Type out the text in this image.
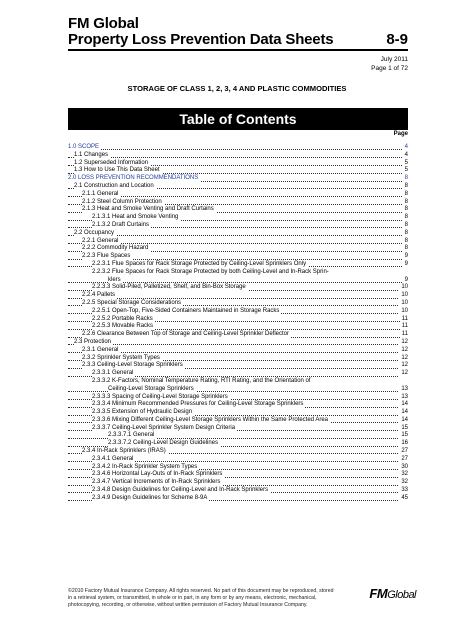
FM Global
Property Loss Prevention Data Sheets	8-9
July 2011
Page 1 of 72
STORAGE OF CLASS 1, 2, 3, 4 AND PLASTIC COMMODITIES
Table of Contents
Page
1.0 SCOPE	4
1.1 Changes	4
1.2 Superseded Information	5
1.3 How to Use This Data Sheet	5
2.0 LOSS PREVENTION RECOMMENDATIONS	8
2.1 Construction and Location	8
2.1.1 General	8
2.1.2 Steel Column Protection	8
2.1.3 Heat and Smoke Venting and Draft Curtains	8
2.1.3.1 Heat and Smoke Venting	8
2.1.3.2 Draft Curtains	8
2.2 Occupancy	8
2.2.1 General	8
2.2.2 Commodity Hazard	8
2.2.3 Flue Spaces	9
2.2.3.1 Flue Spaces for Rack Storage Protected by Ceiling-Level Sprinklers Only	9
2.2.3.2 Flue Spaces for Rack Storage Protected by both Ceiling-Level and In-Rack Sprin-
klers	9
2.2.3.3 Solid-Piled, Palletized, Shelf, and Bin-Box Storage	10
2.2.4 Pallets	10
2.2.5 Special Storage Considerations	10
2.2.5.1 Open-Top, Five-Sided Containers Maintained in Storage Racks	10
2.2.5.2 Portable Racks	11
2.2.5.3 Movable Racks	11
2.2.6 Clearance Between Top of Storage and Ceiling-Level Sprinkler Deflector	11
2.3 Protection	12
2.3.1 General	12
2.3.2 Sprinkler System Types	12
2.3.3 Ceiling-Level Storage Sprinklers	12
2.3.3.1 General	12
2.3.3.2 K-Factors, Nominal Temperature Rating, RTI Rating, and the Orientation of
Ceiling-Level Storage Sprinklers	13
2.3.3.3 Spacing of Ceiling-Level Storage Sprinklers	13
2.3.3.4 Minimum Recommended Pressures for Ceiling-Level Storage Sprinklers	14
2.3.3.5 Extension of Hydraulic Design	14
2.3.3.6 Mixing Different Ceiling-Level Storage Sprinklers Within the Same Protected Area	14
2.3.3.7 Ceiling-Level Sprinkler System Design Criteria	15
2.3.3.7.1 General	15
2.3.3.7.2 Ceiling-Level Design Guidelines	16
2.3.4 In-Rack Sprinklers (IRAS)	27
2.3.4.1 General	27
2.3.4.2 In-Rack Sprinkler System Types	30
2.3.4.6 Horizontal Lay-Outs of In-Rack Sprinklers	32
2.3.4.7 Vertical Increments of In-Rack Sprinklers	32
2.3.4.8 Design Guidelines for Ceiling-Level and In-Rack Sprinklers	33
2.3.4.9 Design Guidelines for Scheme 8-9A	45
©2010 Factory Mutual Insurance Company. All rights reserved. No part of this document may be reproduced, stored in a retrieval system, or transmitted, in whole or in part, in any form or by any means, electronic, mechanical, photocopying, recording, or otherwise, without written permission of Factory Mutual Insurance Company.
FMGlobal
